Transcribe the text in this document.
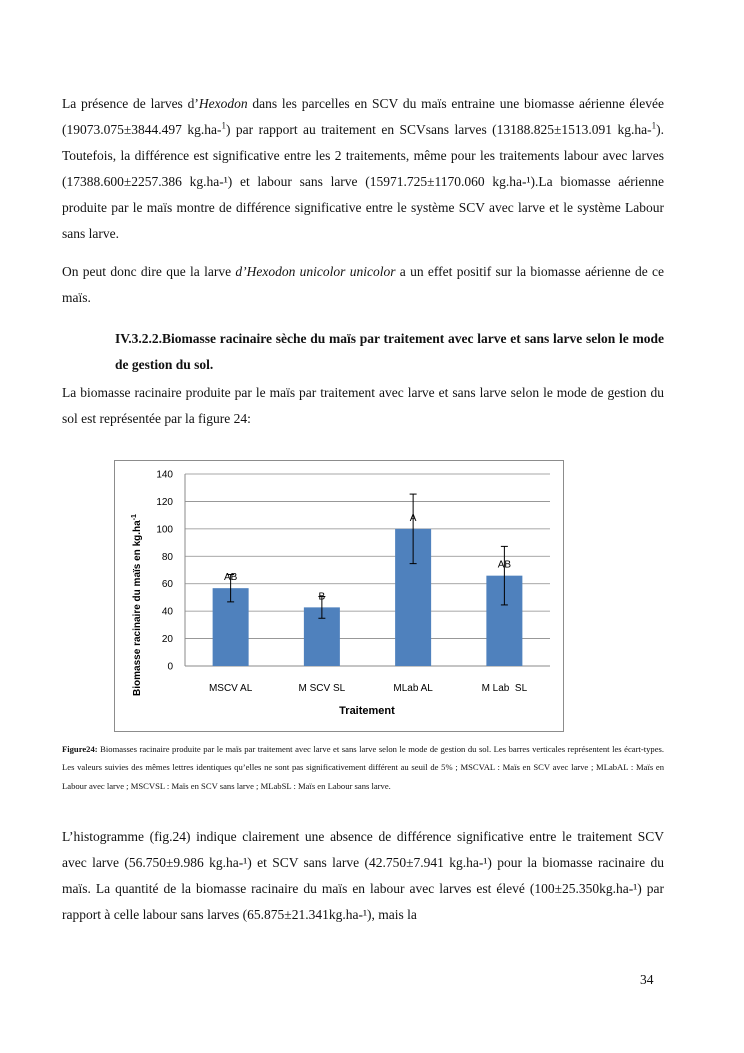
La présence de larves d’Hexodon dans les parcelles en SCV du maïs entraine une biomasse aérienne élevée (19073.075±3844.497 kg.ha-$^1$) par rapport au traitement en SCVsans larves (13188.825±1513.091 kg.ha-$^1$). Toutefois, la différence est significative entre les 2 traitements, même pour les traitements labour avec larves (17388.600±2257.386 kg.ha-¹) et labour sans larve (15971.725±1170.060 kg.ha-¹).La biomasse aérienne produite par le maïs montre de différence significative entre le système SCV avec larve et le système Labour sans larve.

On peut donc dire que la larve d’Hexodon unicolor unicolor a un effet positif sur la biomasse aérienne de ce maïs.

IV.3.2.2.Biomasse racinaire sèche du maïs par traitement avec larve et sans larve selon le mode de gestion du sol.

La biomasse racinaire produite par le maïs par traitement avec larve et sans larve selon le mode de gestion du sol est représentée par la figure 24:

AB
B
A
AB
0
20
40
60
80
100
120
140
MSCV AL	M SCV SL	MLab AL	M Lab  SL
Traitement
Biomasse racinaire du maïs en $kg.ha^{-1}$

Figure24: Biomasses racinaire produite par le maïs par traitement avec larve et sans larve selon le mode de gestion du sol. Les barres verticales représentent les écart-types. Les valeurs suivies des mêmes lettres identiques qu’elles ne sont pas significativement différent au seuil de 5% ; MSCVAL : Maïs en SCV avec larve ; MLabAL : Maïs en Labour avec larve ; MSCVSL : Maïs en SCV sans larve ; MLabSL : Maïs en Labour sans larve.

L’histogramme (fig.24) indique clairement une absence de différence significative entre le traitement SCV avec larve (56.750±9.986 kg.ha-¹) et SCV sans larve (42.750±7.941 kg.ha-¹) pour la biomasse racinaire du maïs. La quantité de la biomasse racinaire du maïs en labour avec larves est élevé (100±25.350kg.ha-¹) par rapport à celle labour sans larves (65.875±21.341kg.ha-¹), mais la

34
